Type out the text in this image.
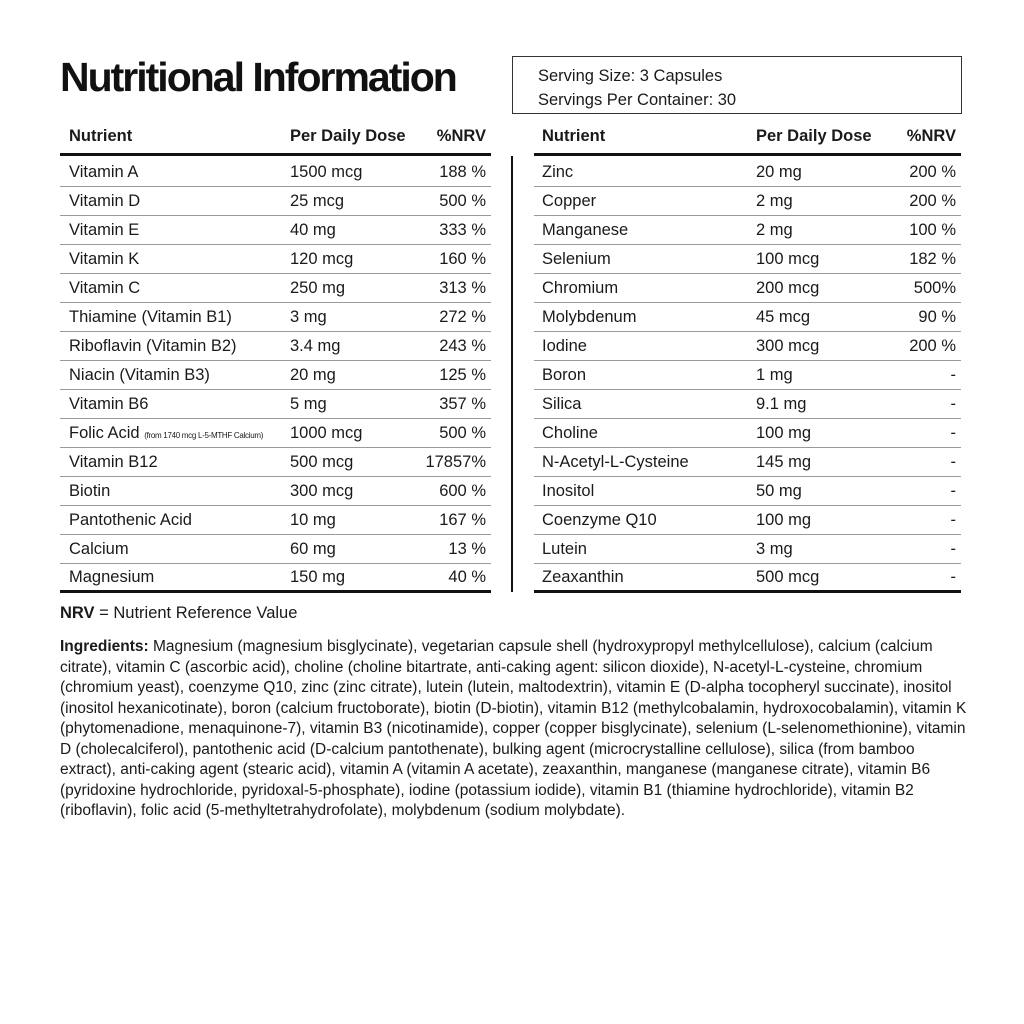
Nutritional Information	Serving Size: 3 Capsules
Servings Per Container: 30
Nutrient	Per Daily Dose	%NRV
Vitamin A	1500 mcg	188 %
Vitamin D	25 mcg	500 %
Vitamin E	40 mg	333 %
Vitamin K	120 mcg	160 %
Vitamin C	250 mg	313 %
Thiamine (Vitamin B1)	3 mg	272 %
Riboflavin (Vitamin B2)	3.4 mg	243 %
Niacin (Vitamin B3)	20 mg	125 %
Vitamin B6	5 mg	357 %
Folic Acid (from 1740 mcg L-5-MTHF Calcium)	1000 mcg	500 %
Vitamin B12	500 mcg	17857%
Biotin	300 mcg	600 %
Pantothenic Acid	10 mg	167 %
Calcium	60 mg	13 %
Magnesium	150 mg	40 %
Nutrient	Per Daily Dose	%NRV
Zinc	20 mg	200 %
Copper	2 mg	200 %
Manganese	2 mg	100 %
Selenium	100 mcg	182 %
Chromium	200 mcg	500%
Molybdenum	45 mcg	90 %
Iodine	300 mcg	200 %
Boron	1 mg	-
Silica	9.1 mg	-
Choline	100 mg	-
N-Acetyl-L-Cysteine	145 mg	-
Inositol	50 mg	-
Coenzyme Q10	100 mg	-
Lutein	3 mg	-
Zeaxanthin	500 mcg	-
NRV = Nutrient Reference Value
Ingredients: Magnesium (magnesium bisglycinate), vegetarian capsule shell (hydroxypropyl methylcellulose), calcium (calcium citrate), vitamin C (ascorbic acid), choline (choline bitartrate, anti-caking agent: silicon dioxide), N-acetyl-L-cysteine, chromium (chromium yeast), coenzyme Q10, zinc (zinc citrate), lutein (lutein, maltodextrin), vitamin E (D-alpha tocopheryl succinate), inositol (inositol hexanicotinate), boron (calcium fructoborate), biotin (D-biotin), vitamin B12 (methylcobalamin, hydroxocobalamin), vitamin K (phytomenadione, menaquinone-7), vitamin B3 (nicotinamide), copper (copper bisglycinate), selenium (L-selenomethionine), vitamin D (cholecalciferol), pantothenic acid (D-calcium pantothenate), bulking agent (microcrystalline cellulose), silica (from bamboo extract), anti-caking agent (stearic acid), vitamin A (vitamin A acetate), zeaxanthin, manganese (manganese citrate), vitamin B6 (pyridoxine hydrochloride, pyridoxal-5-phosphate), iodine (potassium iodide), vitamin B1 (thiamine hydrochloride), vitamin B2 (riboflavin), folic acid (5-methyltetrahydrofolate), molybdenum (sodium molybdate).
